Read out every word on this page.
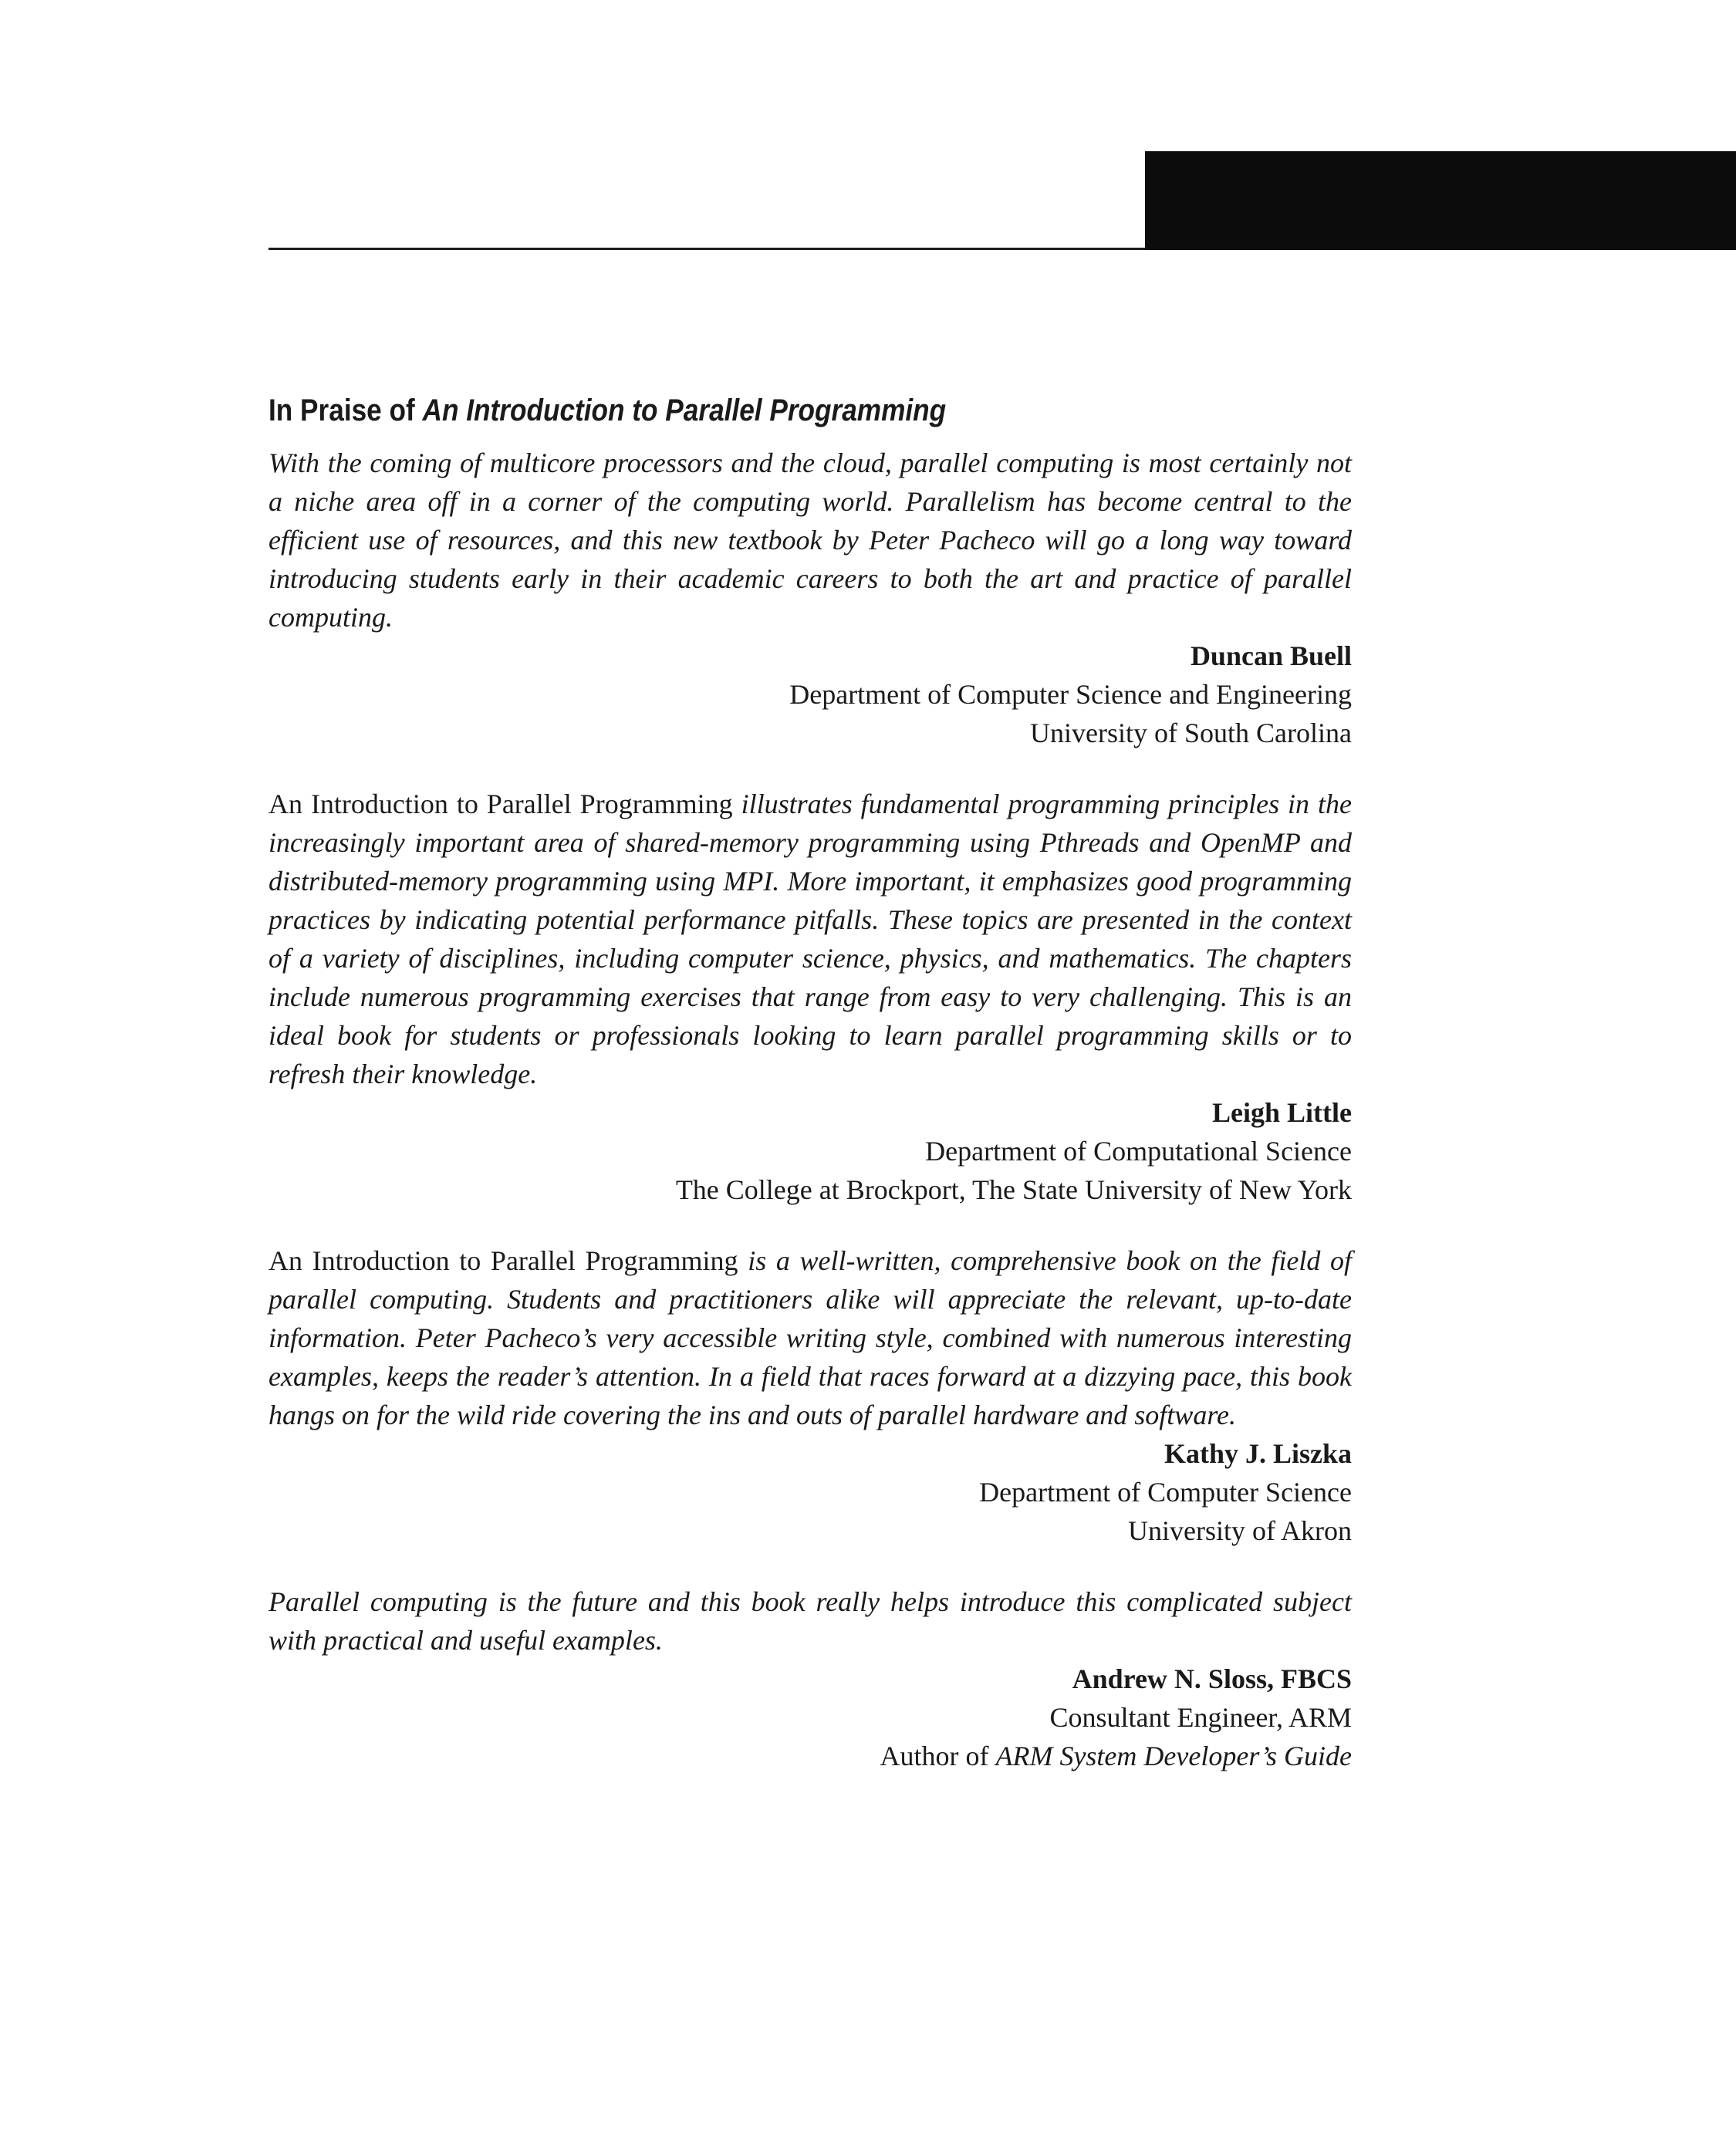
In Praise of An Introduction to Parallel Programming

With the coming of multicore processors and the cloud, parallel computing is most certainly not a niche area off in a corner of the computing world. Parallelism has become central to the efficient use of resources, and this new textbook by Peter Pacheco will go a long way toward introducing students early in their academic careers to both the art and practice of parallel computing.

Duncan Buell
Department of Computer Science and Engineering
University of South Carolina

An Introduction to Parallel Programming illustrates fundamental programming principles in the increasingly important area of shared-memory programming using Pthreads and OpenMP and distributed-memory programming using MPI. More important, it emphasizes good programming practices by indicating potential performance pitfalls. These topics are presented in the context of a variety of disciplines, including computer science, physics, and mathematics. The chapters include numerous programming exercises that range from easy to very challenging. This is an ideal book for students or professionals looking to learn parallel programming skills or to refresh their knowledge.

Leigh Little
Department of Computational Science
The College at Brockport, The State University of New York

An Introduction to Parallel Programming is a well-written, comprehensive book on the field of parallel computing. Students and practitioners alike will appreciate the relevant, up-to-date information. Peter Pacheco’s very accessible writing style, combined with numerous interesting examples, keeps the reader’s attention. In a field that races forward at a dizzying pace, this book hangs on for the wild ride covering the ins and outs of parallel hardware and software.

Kathy J. Liszka
Department of Computer Science
University of Akron

Parallel computing is the future and this book really helps introduce this complicated subject with practical and useful examples.

Andrew N. Sloss, FBCS
Consultant Engineer, ARM
Author of ARM System Developer’s Guide
